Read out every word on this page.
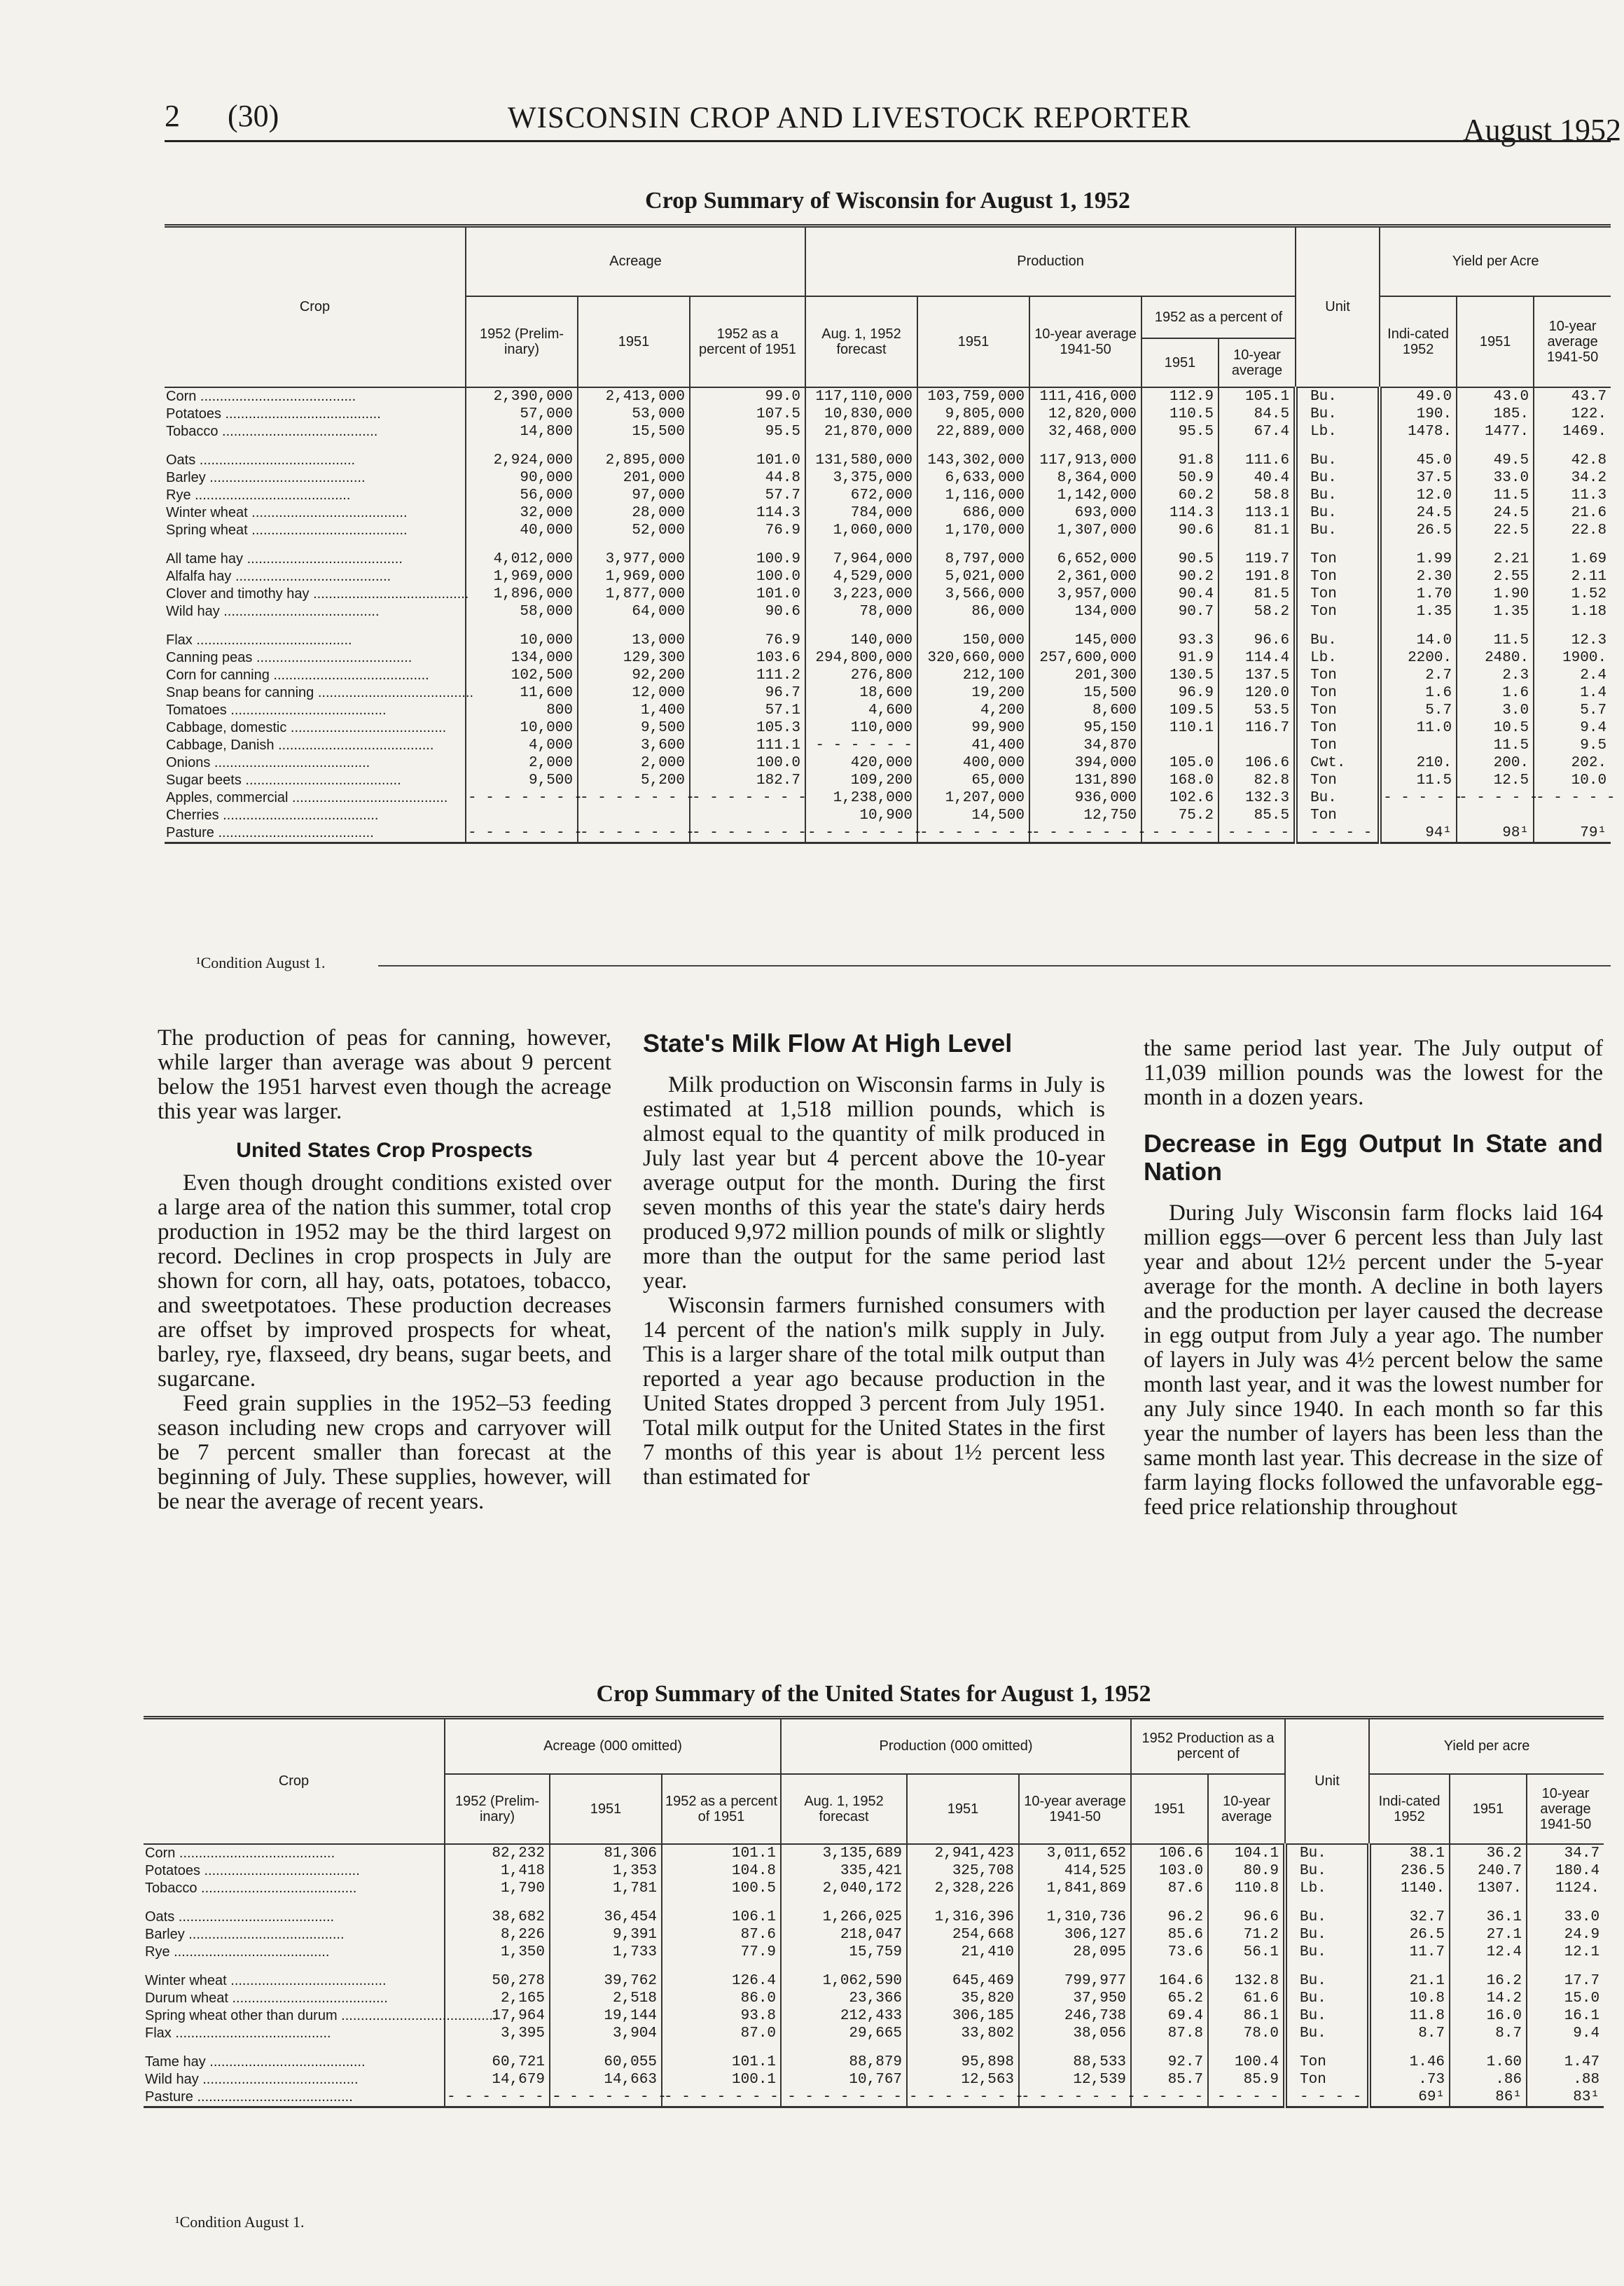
2 (30)	WISCONSIN CROP AND LIVESTOCK REPORTER	August 1952
Crop Summary of Wisconsin for August 1, 1952
Crop	Acreage			Production					Unit	Yield per Acre		
	1952 (Prelim-inary)	1951	1952 as a percent of 1951	Aug. 1, 1952 forecast	1951	10-year average 1941-50	1952 as a percent of			Indi-cated 1952	1951	10-year average 1941-50
							1951	10-year average				
Corn ........................................	2,390,000	2,413,000	99.0	117,110,000	103,759,000	111,416,000	112.9	105.1	Bu.	49.0	43.0	43.7
Potatoes ........................................	57,000	53,000	107.5	10,830,000	9,805,000	12,820,000	110.5	84.5	Bu.	190.	185.	122.
Tobacco ........................................	14,800	15,500	95.5	21,870,000	22,889,000	32,468,000	95.5	67.4	Lb.	1478.	1477.	1469.
Oats ........................................	2,924,000	2,895,000	101.0	131,580,000	143,302,000	117,913,000	91.8	111.6	Bu.	45.0	49.5	42.8
Barley ........................................	90,000	201,000	44.8	3,375,000	6,633,000	8,364,000	50.9	40.4	Bu.	37.5	33.0	34.2
Rye ........................................	56,000	97,000	57.7	672,000	1,116,000	1,142,000	60.2	58.8	Bu.	12.0	11.5	11.3
Winter wheat ........................................	32,000	28,000	114.3	784,000	686,000	693,000	114.3	113.1	Bu.	24.5	24.5	21.6
Spring wheat ........................................	40,000	52,000	76.9	1,060,000	1,170,000	1,307,000	90.6	81.1	Bu.	26.5	22.5	22.8
All tame hay ........................................	4,012,000	3,977,000	100.9	7,964,000	8,797,000	6,652,000	90.5	119.7	Ton	1.99	2.21	1.69
Alfalfa hay ........................................	1,969,000	1,969,000	100.0	4,529,000	5,021,000	2,361,000	90.2	191.8	Ton	2.30	2.55	2.11
Clover and timothy hay ........................................	1,896,000	1,877,000	101.0	3,223,000	3,566,000	3,957,000	90.4	81.5	Ton	1.70	1.90	1.52
Wild hay ........................................	58,000	64,000	90.6	78,000	86,000	134,000	90.7	58.2	Ton	1.35	1.35	1.18
Flax ........................................	10,000	13,000	76.9	140,000	150,000	145,000	93.3	96.6	Bu.	14.0	11.5	12.3
Canning peas ........................................	134,000	129,300	103.6	294,800,000	320,660,000	257,600,000	91.9	114.4	Lb.	2200.	2480.	1900.
Corn for canning ........................................	102,500	92,200	111.2	276,800	212,100	201,300	130.5	137.5	Ton	2.7	2.3	2.4
Snap beans for canning ........................................	11,600	12,000	96.7	18,600	19,200	15,500	96.9	120.0	Ton	1.6	1.6	1.4
Tomatoes ........................................	800	1,400	57.1	4,600	4,200	8,600	109.5	53.5	Ton	5.7	3.0	5.7
Cabbage, domestic ........................................	10,000	9,500	105.3	110,000	99,900	95,150	110.1	116.7	Ton	11.0	10.5	9.4
Cabbage, Danish ........................................	4,000	3,600	111.1	- - - - - -	41,400	34,870			Ton		11.5	9.5
Onions ........................................	2,000	2,000	100.0	420,000	400,000	394,000	105.0	106.6	Cwt.	210.	200.	202.
Sugar beets ........................................	9,500	5,200	182.7	109,200	65,000	131,890	168.0	82.8	Ton	11.5	12.5	10.0
Apples, commercial ........................................	- - - - - - -	- - - - - - -	- - - - - - -	1,238,000	1,207,000	936,000	102.6	132.3	Bu.	- - - - -	- - - - -	- - - - -
Cherries ........................................				10,900	14,500	12,750	75.2	85.5	Ton			
Pasture ........................................	- - - - - - -	- - - - - - -	- - - - - - -	- - - - - - -	- - - - - - -	- - - - - - -	- - - -	- - - -	- - - -	94¹	98¹	79¹
¹Condition August 1.

The production of peas for canning, however, while larger than average was about 9 percent below the 1951 harvest even though the acreage this year was larger.

United States Crop Prospects

Even though drought conditions existed over a large area of the nation this summer, total crop production in 1952 may be the third largest on record. Declines in crop prospects in July are shown for corn, all hay, oats, potatoes, tobacco, and sweetpotatoes. These production decreases are offset by improved prospects for wheat, barley, rye, flaxseed, dry beans, sugar beets, and sugarcane.

Feed grain supplies in the 1952–53 feeding season including new crops and carryover will be 7 percent smaller than forecast at the beginning of July. These supplies, however, will be near the average of recent years.

State's Milk Flow At High Level

Milk production on Wisconsin farms in July is estimated at 1,518 million pounds, which is almost equal to the quantity of milk produced in July last year but 4 percent above the 10-year average output for the month. During the first seven months of this year the state's dairy herds produced 9,972 million pounds of milk or slightly more than the output for the same period last year.

Wisconsin farmers furnished consumers with 14 percent of the nation's milk supply in July. This is a larger share of the total milk output than reported a year ago because production in the United States dropped 3 percent from July 1951. Total milk output for the United States in the first 7 months of this year is about 1½ percent less than estimated for

the same period last year. The July output of 11,039 million pounds was the lowest for the month in a dozen years.

Decrease in Egg Output In State and Nation

During July Wisconsin farm flocks laid 164 million eggs—over 6 percent less than July last year and about 12½ percent under the 5-year average for the month. A decline in both layers and the production per layer caused the decrease in egg output from July a year ago. The number of layers in July was 4½ percent below the same month last year, and it was the lowest number for any July since 1940. In each month so far this year the number of layers has been less than the same month last year. This decrease in the size of farm laying flocks followed the unfavorable egg-feed price relationship throughout

Crop Summary of the United States for August 1, 1952
Crop	Acreage (000 omitted)			Production (000 omitted)			1952 Production as a percent of		Unit	Yield per acre		
	1952 (Prelim-inary)	1951	1952 as a percent of 1951	Aug. 1, 1952 forecast	1951	10-year average 1941-50	1951	10-year average		Indi-cated 1952	1951	10-year average 1941-50
Corn ........................................	82,232	81,306	101.1	3,135,689	2,941,423	3,011,652	106.6	104.1	Bu.	38.1	36.2	34.7
Potatoes ........................................	1,418	1,353	104.8	335,421	325,708	414,525	103.0	80.9	Bu.	236.5	240.7	180.4
Tobacco ........................................	1,790	1,781	100.5	2,040,172	2,328,226	1,841,869	87.6	110.8	Lb.	1140.	1307.	1124.
Oats ........................................	38,682	36,454	106.1	1,266,025	1,316,396	1,310,736	96.2	96.6	Bu.	32.7	36.1	33.0
Barley ........................................	8,226	9,391	87.6	218,047	254,668	306,127	85.6	71.2	Bu.	26.5	27.1	24.9
Rye ........................................	1,350	1,733	77.9	15,759	21,410	28,095	73.6	56.1	Bu.	11.7	12.4	12.1
Winter wheat ........................................	50,278	39,762	126.4	1,062,590	645,469	799,977	164.6	132.8	Bu.	21.1	16.2	17.7
Durum wheat ........................................	2,165	2,518	86.0	23,366	35,820	37,950	65.2	61.6	Bu.	10.8	14.2	15.0
Spring wheat other than durum ........................................	17,964	19,144	93.8	212,433	306,185	246,738	69.4	86.1	Bu.	11.8	16.0	16.1
Flax ........................................	3,395	3,904	87.0	29,665	33,802	38,056	87.8	78.0	Bu.	8.7	8.7	9.4
Tame hay ........................................	60,721	60,055	101.1	88,879	95,898	88,533	92.7	100.4	Ton	1.46	1.60	1.47
Wild hay ........................................	14,679	14,663	100.1	10,767	12,563	12,539	85.7	85.9	Ton	.73	.86	.88
Pasture ........................................	- - - - - - -	- - - - - - -	- - - - - - -	- - - - - - -	- - - - - - -	- - - - - - -	- - - -	- - - -	- - - -	69¹	86¹	83¹
¹Condition August 1.
